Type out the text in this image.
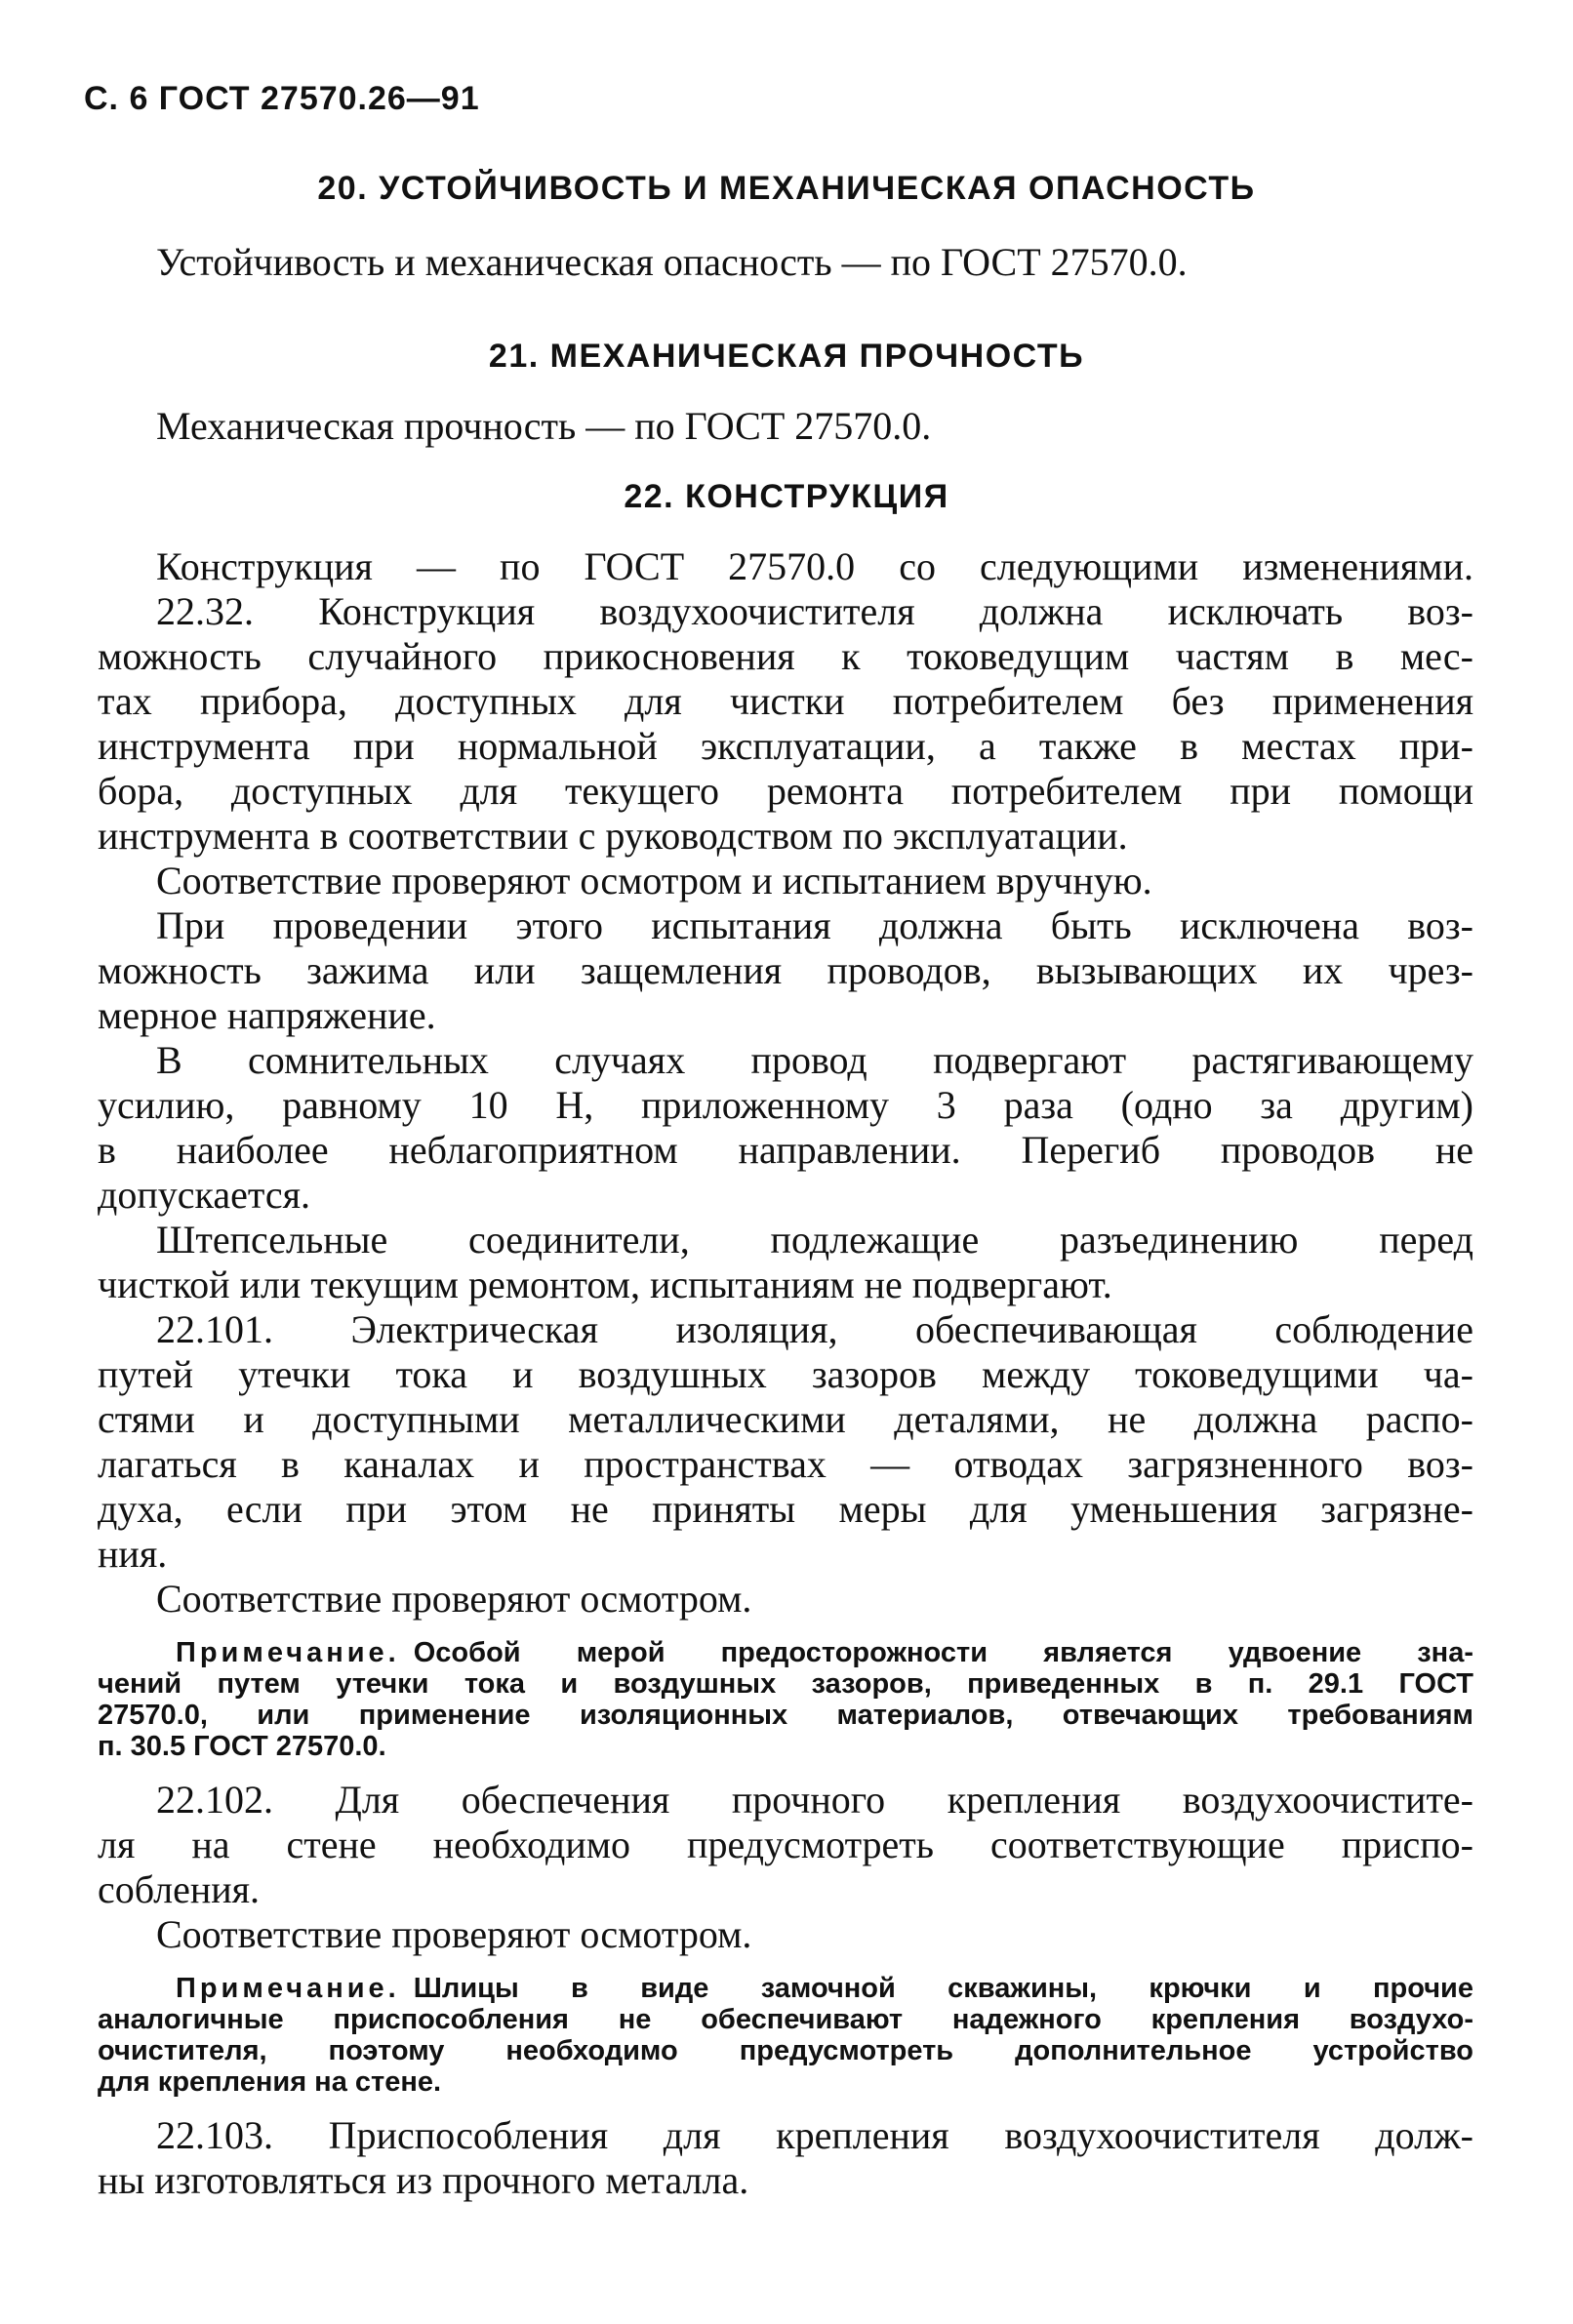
С. 6 ГОСТ 27570.26—91
20. УСТОЙЧИВОСТЬ И МЕХАНИЧЕСКАЯ ОПАСНОСТЬ
Устойчивость и механическая опасность — по ГОСТ 27570.0.
21. МЕХАНИЧЕСКАЯ ПРОЧНОСТЬ
Механическая прочность — по ГОСТ 27570.0.
22. КОНСТРУКЦИЯ
Конструкция — по ГОСТ 27570.0 со следующими изменениями.
22.32. Конструкция воздухоочистителя должна исключать воз-
можность случайного прикосновения к токоведущим частям в мес-
тах прибора, доступных для чистки потребителем без применения
инструмента при нормальной эксплуатации, а также в местах при-
бора, доступных для текущего ремонта потребителем при помощи
инструмента в соответствии с руководством по эксплуатации.
Соответствие проверяют осмотром и испытанием вручную.
При проведении этого испытания должна быть исключена воз-
можность зажима или защемления проводов, вызывающих их чрез-
мерное напряжение.
В сомнительных случаях провод подвергают растягивающему
усилию, равному 10 Н, приложенному 3 раза (одно за другим)
в наиболее неблагоприятном направлении. Перегиб проводов не
допускается.
Штепсельные соединители, подлежащие разъединению перед
чисткой или текущим ремонтом, испытаниям не подвергают.
22.101. Электрическая изоляция, обеспечивающая соблюдение
путей утечки тока и воздушных зазоров между токоведущими ча-
стями и доступными металлическими деталями, не должна распо-
лагаться в каналах и пространствах — отводах загрязненного воз-
духа, если при этом не приняты меры для уменьшения загрязне-
ния.
Соответствие проверяют осмотром.
Примечание. Особой мерой предосторожности является удвоение зна-
чений путем утечки тока и воздушных зазоров, приведенных в п. 29.1 ГОСТ
27570.0, или применение изоляционных материалов, отвечающих требованиям
п. 30.5 ГОСТ 27570.0.
22.102. Для обеспечения прочного крепления воздухоочистите-
ля на стене необходимо предусмотреть соответствующие приспо-
собления.
Соответствие проверяют осмотром.
Примечание. Шлицы в виде замочной скважины, крючки и прочие
аналогичные приспособления не обеспечивают надежного крепления воздухо-
очистителя, поэтому необходимо предусмотреть дополнительное устройство
для крепления на стене.
22.103. Приспособления для крепления воздухоочистителя долж-
ны изготовляться из прочного металла.
